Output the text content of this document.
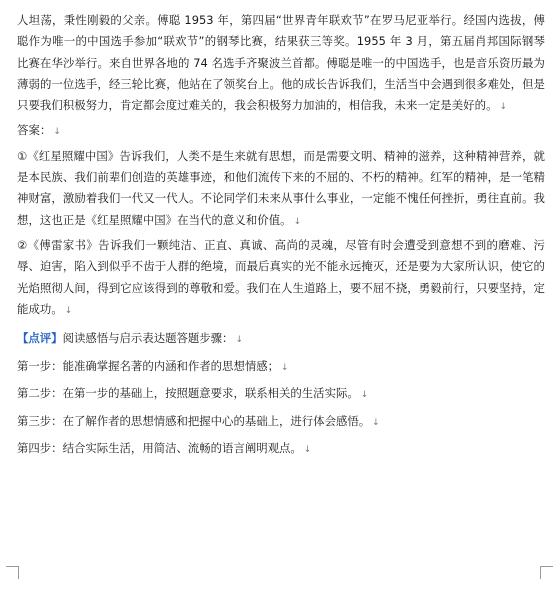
人坦荡，秉性刚毅的父亲。傅聪 1953 年，第四届“世界青年联欢节”在罗马尼亚举行。经国内选拔，傅聪作为唯一的中国选手参加“联欢节”的钢琴比赛，结果获三等奖。1955 年 3 月，第五届肖邦国际钢琴比赛在华沙举行。来自世界各地的 74 名选手齐聚波兰首都。傅聪是唯一的中国选手，也是音乐资历最为薄弱的一位选手，经三轮比赛，他站在了领奖台上。他的成长告诉我们，生活当中会遇到很多难处，但是只要我们积极努力，肯定都会度过难关的，我会积极努力加油的，相信我，未来一定是美好的。 ↓

答案： ↓

①《红星照耀中国》告诉我们，人类不是生来就有思想，而是需要文明、精神的滋养，这种精神营养，就是本民族、我们前辈们创造的英雄事迹，和他们流传下来的不屈的、不朽的精神。红军的精神，是一笔精神财富，激励着我们一代又一代人。不论同学们未来从事什么事业，一定能不愧任何挫折，勇往直前。我想，这也正是《红星照耀中国》在当代的意义和价值。 ↓

②《傅雷家书》告诉我们一颗纯洁、正直、真诚、高尚的灵魂，尽管有时会遭受到意想不到的磨难、污辱、迫害，陷入到似乎不齿于人群的绝境，而最后真实的光不能永远掩灭，还是要为大家所认识，使它的光焰照彻人间，得到它应该得到的尊敬和爱。我们在人生道路上，要不屈不挠，勇毅前行，只要坚持，定能成功。 ↓

【点评】阅读感悟与启示表达题答题步骤： ↓

第一步：能准确掌握名著的内涵和作者的思想情感； ↓

第二步：在第一步的基础上，按照题意要求，联系相关的生活实际。 ↓

第三步：在了解作者的思想情感和把握中心的基础上，进行体会感悟。 ↓

第四步：结合实际生活，用简洁、流畅的语言阐明观点。 ↓
